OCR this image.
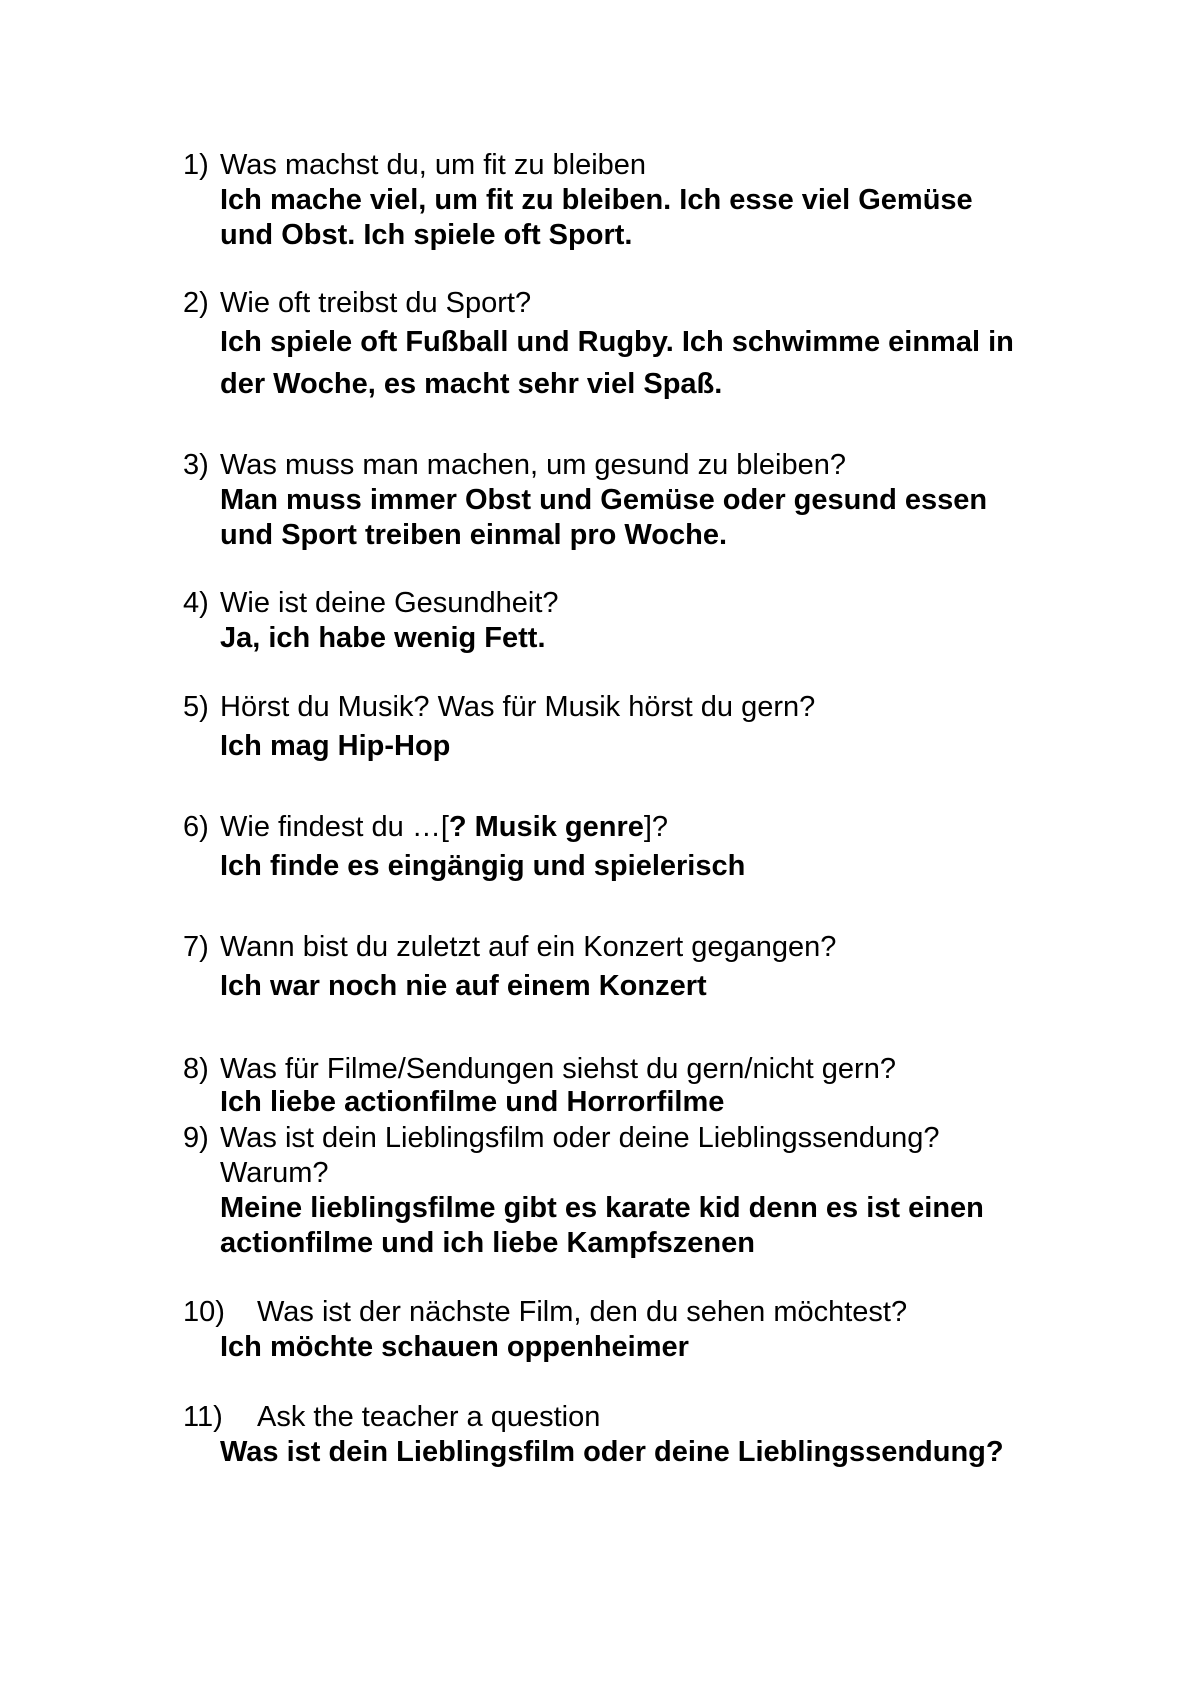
1) Was machst du, um fit zu bleiben
Ich mache viel, um fit zu bleiben. Ich esse viel Gemüse
und Obst. Ich spiele oft Sport.
2) Wie oft treibst du Sport?
Ich spiele oft Fußball und Rugby. Ich schwimme einmal in
der Woche, es macht sehr viel Spaß.
3) Was muss man machen, um gesund zu bleiben?
Man muss immer Obst und Gemüse oder gesund essen
und Sport treiben einmal pro Woche.
4) Wie ist deine Gesundheit?
Ja, ich habe wenig Fett.
5) Hörst du Musik? Was für Musik hörst du gern?
Ich mag Hip-Hop
6) Wie findest du …[? Musik genre]?
Ich finde es eingängig und spielerisch
7) Wann bist du zuletzt auf ein Konzert gegangen?
Ich war noch nie auf einem Konzert
8) Was für Filme/Sendungen siehst du gern/nicht gern?
Ich liebe actionfilme und Horrorfilme
9) Was ist dein Lieblingsfilm oder deine Lieblingssendung?
Warum?
Meine lieblingsfilme gibt es karate kid denn es ist einen
actionfilme und ich liebe Kampfszenen
10) Was ist der nächste Film, den du sehen möchtest?
Ich möchte schauen oppenheimer
11) Ask the teacher a question
Was ist dein Lieblingsfilm oder deine Lieblingssendung?
